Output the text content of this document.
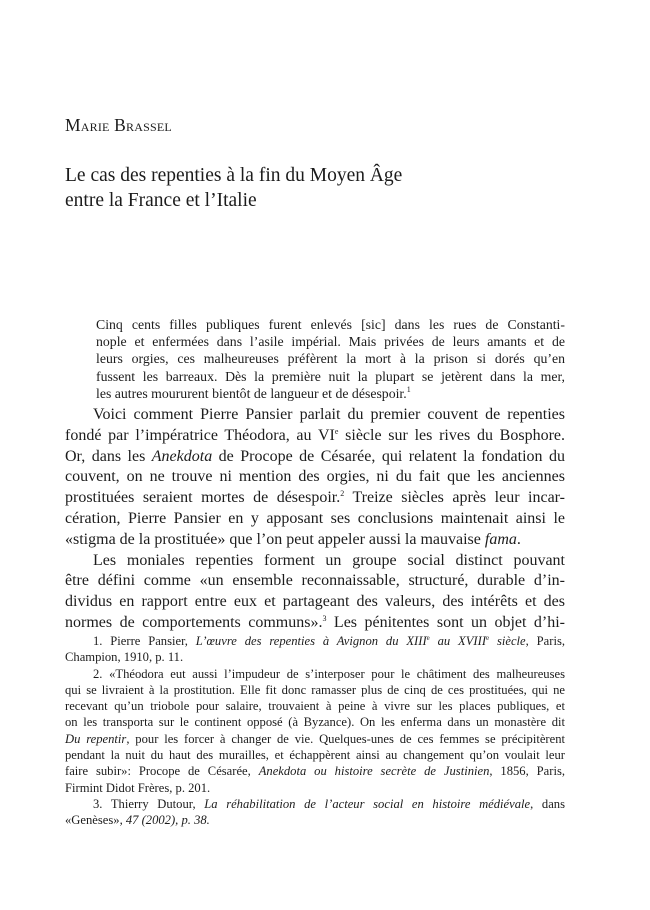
Marie Brassel
Le cas des repenties à la fin du Moyen Âge
entre la France et l’Italie
Cinq cents filles publiques furent enlevés [sic] dans les rues de Constanti-
nople et enfermées dans l’asile impérial. Mais privées de leurs amants et de
leurs orgies, ces malheureuses préfèrent la mort à la prison si dorés qu’en
fussent les barreaux. Dès la première nuit la plupart se jetèrent dans la mer,
les autres moururent bientôt de langueur et de désespoir.$^1$
Voici comment Pierre Pansier parlait du premier couvent de repenties
fondé par l’impératrice Théodora, au VIe siècle sur les rives du Bosphore.
Or, dans les Anekdota de Procope de Césarée, qui relatent la fondation du
couvent, on ne trouve ni mention des orgies, ni du fait que les anciennes
prostituées seraient mortes de désespoir.$^2$ Treize siècles après leur incar-
cération, Pierre Pansier en y apposant ses conclusions maintenait ainsi le
«stigma de la prostituée» que l’on peut appeler aussi la mauvaise fama.
Les moniales repenties forment un groupe social distinct pouvant
être défini comme «un ensemble reconnaissable, structuré, durable d’in-
dividus en rapport entre eux et partageant des valeurs, des intérêts et des
normes de comportements communs».$^3$ Les pénitentes sont un objet d’hi-
1. Pierre Pansier, L’œuvre des repenties à Avignon du XIIIe au XVIIIe siècle, Paris,
Champion, 1910, p. 11.
2. «Théodora eut aussi l’impudeur de s’interposer pour le châtiment des malheureuses
qui se livraient à la prostitution. Elle fit donc ramasser plus de cinq de ces prostituées, qui ne
recevant qu’un triobole pour salaire, trouvaient à peine à vivre sur les places publiques, et
on les transporta sur le continent opposé (à Byzance). On les enferma dans un monastère dit
Du repentir, pour les forcer à changer de vie. Quelques-unes de ces femmes se précipitèrent
pendant la nuit du haut des murailles, et échappèrent ainsi au changement qu’on voulait leur
faire subir»: Procope de Césarée, Anekdota ou histoire secrète de Justinien, 1856, Paris,
Firmint Didot Frères, p. 201.
3. Thierry Dutour, La réhabilitation de l’acteur social en histoire médiévale, dans
«Genèses», 47 (2002), p. 38.
